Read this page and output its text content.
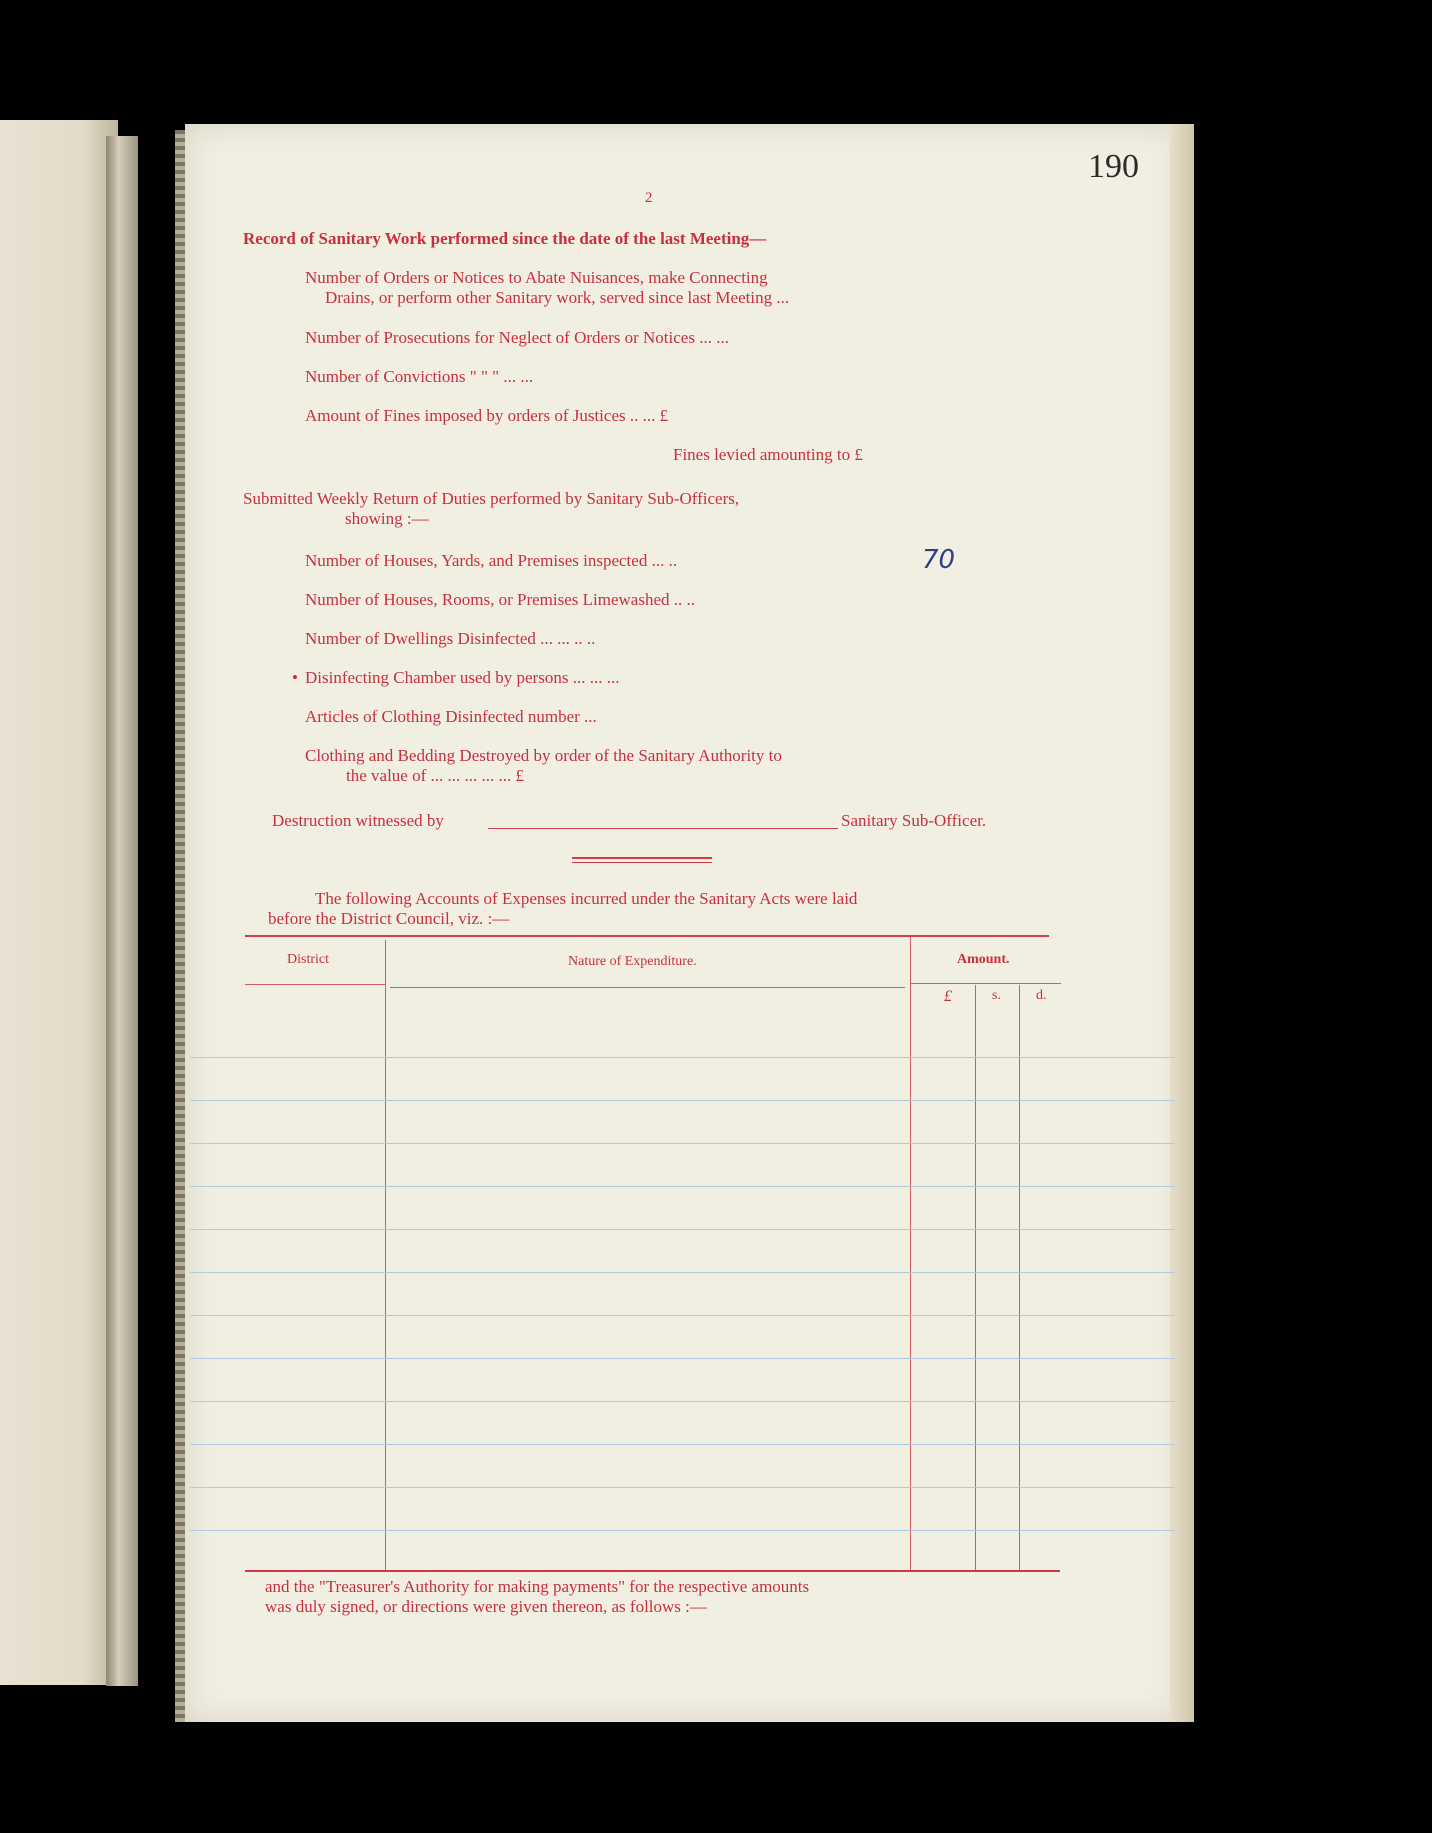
190
2
Record of Sanitary Work performed since the date of the last Meeting—
Number of Orders or Notices to Abate Nuisances, make Connecting
Drains, or perform other Sanitary work, served since last Meeting ...
Number of Prosecutions for Neglect of Orders or Notices ... ...
Number of Convictions " " " ... ...
Amount of Fines imposed by orders of Justices .. ... £
Fines levied amounting to £
Submitted Weekly Return of Duties performed by Sanitary Sub-Officers,
showing :—
Number of Houses, Yards, and Premises inspected ... ..	70
Number of Houses, Rooms, or Premises Limewashed .. ..
Number of Dwellings Disinfected ... ... .. ..
• Disinfecting Chamber used by persons ... ... ...
Articles of Clothing Disinfected number ...
Clothing and Bedding Destroyed by order of the Sanitary Authority to
the value of ... ... ... ... ... £
Destruction witnessed by	Sanitary Sub-Officer.
The following Accounts of Expenses incurred under the Sanitary Acts were laid
before the District Council, viz. :—
District	Nature of Expenditure.	Amount.
£	s.	d.
and the "Treasurer's Authority for making payments" for the respective amounts
was duly signed, or directions were given thereon, as follows :—
